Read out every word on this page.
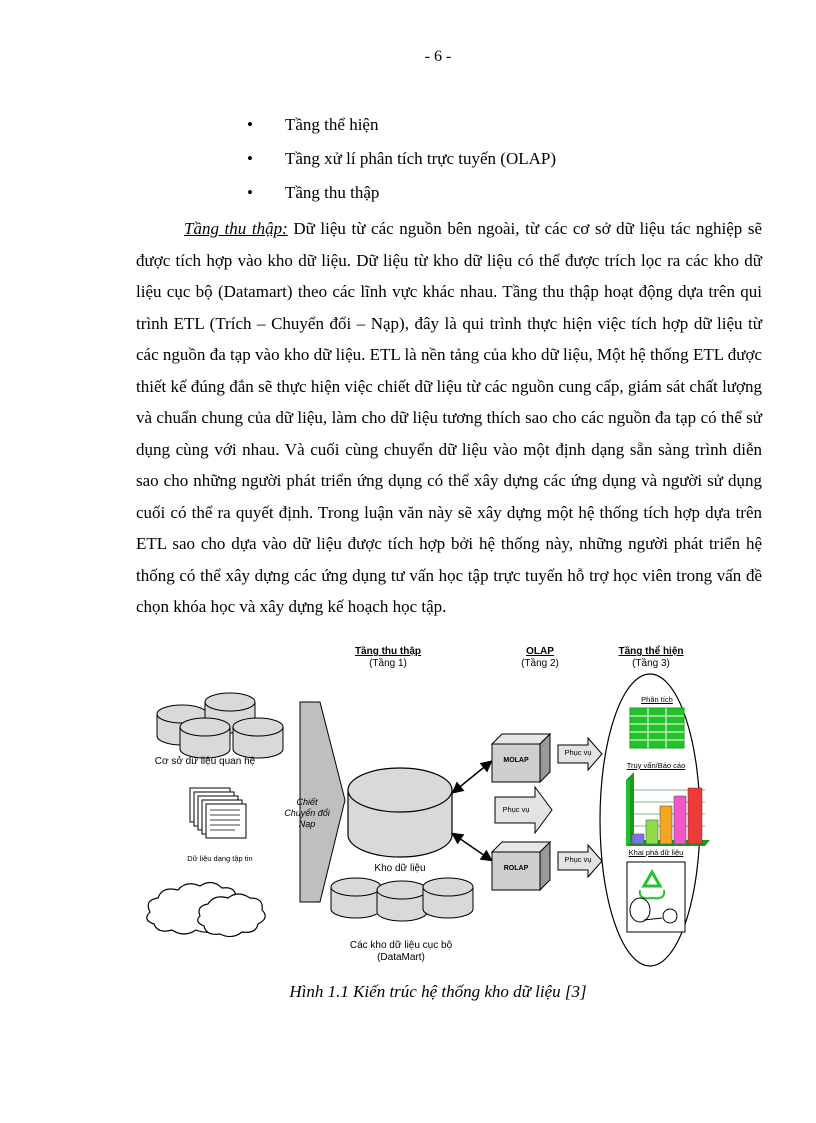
- 6 -
• Tầng thể hiện
• Tầng xử lí phân tích trực tuyến (OLAP)
• Tầng thu thập

Tầng thu thập: Dữ liệu từ các nguồn bên ngoài, từ các cơ sở dữ liệu tác nghiệp sẽ được tích hợp vào kho dữ liệu. Dữ liệu từ kho dữ liệu có thể được trích lọc ra các kho dữ liệu cục bộ (Datamart) theo các lĩnh vực khác nhau. Tầng thu thập hoạt động dựa trên qui trình ETL (Trích – Chuyển đổi – Nạp), đây là qui trình thực hiện việc tích hợp dữ liệu từ các nguồn đa tạp vào kho dữ liệu. ETL là nền tảng của kho dữ liệu, Một hệ thống ETL được thiết kế đúng đắn sẽ thực hiện việc chiết dữ liệu từ các nguồn cung cấp, giám sát chất lượng và chuẩn chung của dữ liệu, làm cho dữ liệu tương thích sao cho các nguồn đa tạp có thể sử dụng cùng với nhau. Và cuối cùng chuyển dữ liệu vào một định dạng sẵn sàng trình diễn sao cho những người phát triển ứng dụng có thể xây dựng các ứng dụng và người sử dụng cuối có thể ra quyết định. Trong luận văn này sẽ xây dựng một hệ thống tích hợp dựa trên ETL sao cho dựa vào dữ liệu được tích hợp bởi hệ thống này, những người phát triển hệ thống có thể xây dựng các ứng dụng tư vấn học tập trực tuyến hỗ trợ học viên trong vấn đề chọn khóa học và xây dựng kế hoạch học tập.

Tầng thu thập
(Tầng 1)
OLAP
(Tầng 2)
Tầng thể hiện
(Tầng 3)
Cơ sở dữ liệu quan hệ
Dữ liệu dạng tập tin
Chiết
Chuyển đổi
Nạp
Kho dữ liệu
Các kho dữ liệu cục bộ
(DataMart)
MOLAP
ROLAP
Phục vụ
Phục vụ
Phục vụ
Phân tích
Truy vấn/Báo cáo
Khai phá dữ liệu
Hình 1.1 Kiến trúc hệ thống kho dữ liệu [3]
